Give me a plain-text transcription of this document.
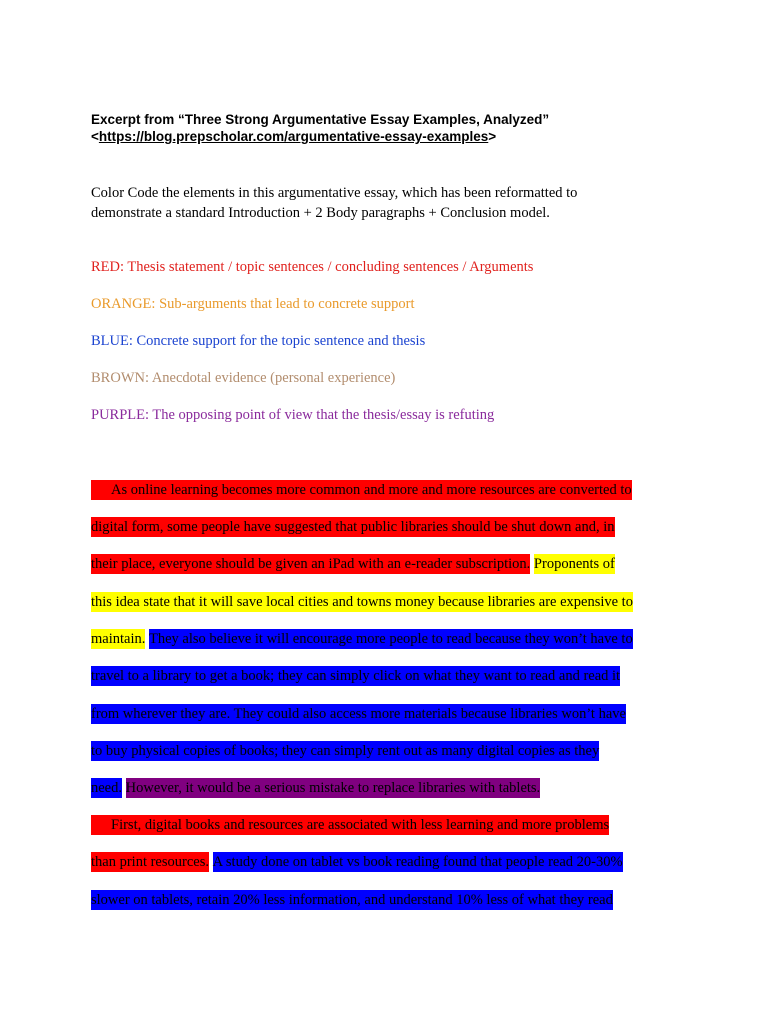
Excerpt from “Three Strong Argumentative Essay Examples, Analyzed”
<https://blog.prepscholar.com/argumentative-essay-examples>
Color Code the elements in this argumentative essay, which has been reformatted to
demonstrate a standard Introduction + 2 Body paragraphs + Conclusion model.
RED: Thesis statement / topic sentences / concluding sentences / Arguments
ORANGE: Sub-arguments that lead to concrete support
BLUE: Concrete support for the topic sentence and thesis
BROWN: Anecdotal evidence (personal experience)
PURPLE: The opposing point of view that the thesis/essay is refuting
As online learning becomes more common and more and more resources are converted to
digital form, some people have suggested that public libraries should be shut down and, in
their place, everyone should be given an iPad with an e-reader subscription. Proponents of
this idea state that it will save local cities and towns money because libraries are expensive to
maintain. They also believe it will encourage more people to read because they won’t have to
travel to a library to get a book; they can simply click on what they want to read and read it
from wherever they are. They could also access more materials because libraries won’t have
to buy physical copies of books; they can simply rent out as many digital copies as they
need. However, it would be a serious mistake to replace libraries with tablets.
First, digital books and resources are associated with less learning and more problems
than print resources. A study done on tablet vs book reading found that people read 20-30%
slower on tablets, retain 20% less information, and understand 10% less of what they read
